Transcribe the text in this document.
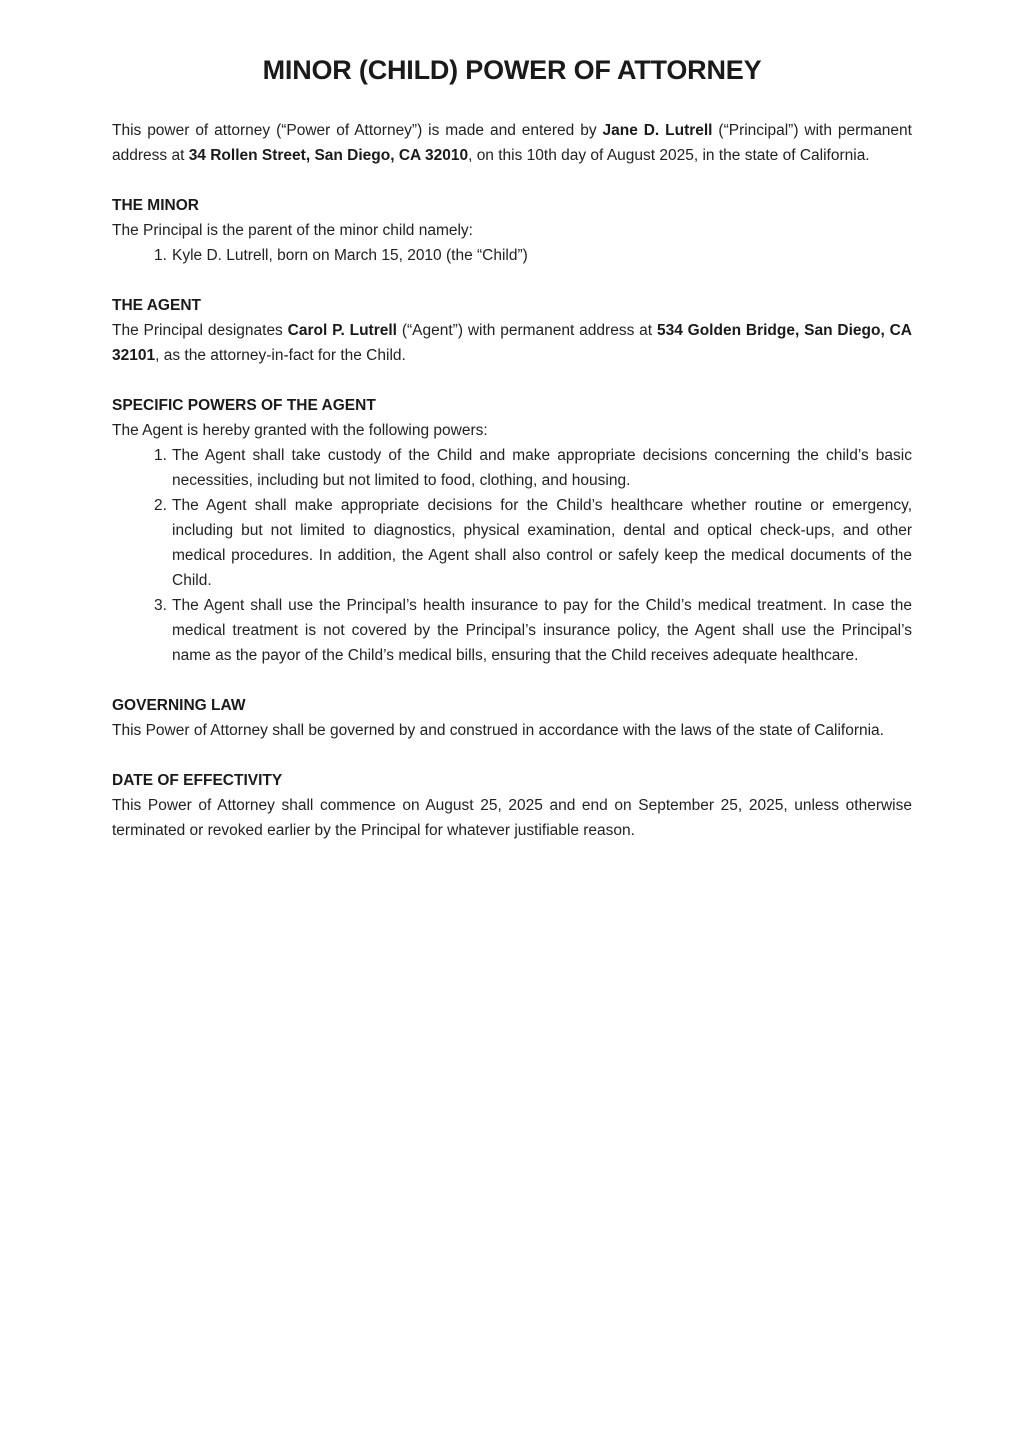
MINOR (CHILD) POWER OF ATTORNEY

This power of attorney (“Power of Attorney”) is made and entered by Jane D. Lutrell (“Principal”) with permanent address at 34 Rollen Street, San Diego, CA 32010, on this 10th day of August 2025, in the state of California.

THE MINOR

The Principal is the parent of the minor child namely:

1. Kyle D. Lutrell, born on March 15, 2010 (the “Child”)

THE AGENT

The Principal designates Carol P. Lutrell (“Agent”) with permanent address at 534 Golden Bridge, San Diego, CA 32101, as the attorney-in-fact for the Child.

SPECIFIC POWERS OF THE AGENT

The Agent is hereby granted with the following powers:

1. The Agent shall take custody of the Child and make appropriate decisions concerning the child’s basic necessities, including but not limited to food, clothing, and housing.
2. The Agent shall make appropriate decisions for the Child’s healthcare whether routine or emergency, including but not limited to diagnostics, physical examination, dental and optical check-ups, and other medical procedures. In addition, the Agent shall also control or safely keep the medical documents of the Child.
3. The Agent shall use the Principal’s health insurance to pay for the Child’s medical treatment. In case the medical treatment is not covered by the Principal’s insurance policy, the Agent shall use the Principal’s name as the payor of the Child’s medical bills, ensuring that the Child receives adequate healthcare.

GOVERNING LAW

This Power of Attorney shall be governed by and construed in accordance with the laws of the state of California.

DATE OF EFFECTIVITY

This Power of Attorney shall commence on August 25, 2025 and end on September 25, 2025, unless otherwise terminated or revoked earlier by the Principal for whatever justifiable reason.
